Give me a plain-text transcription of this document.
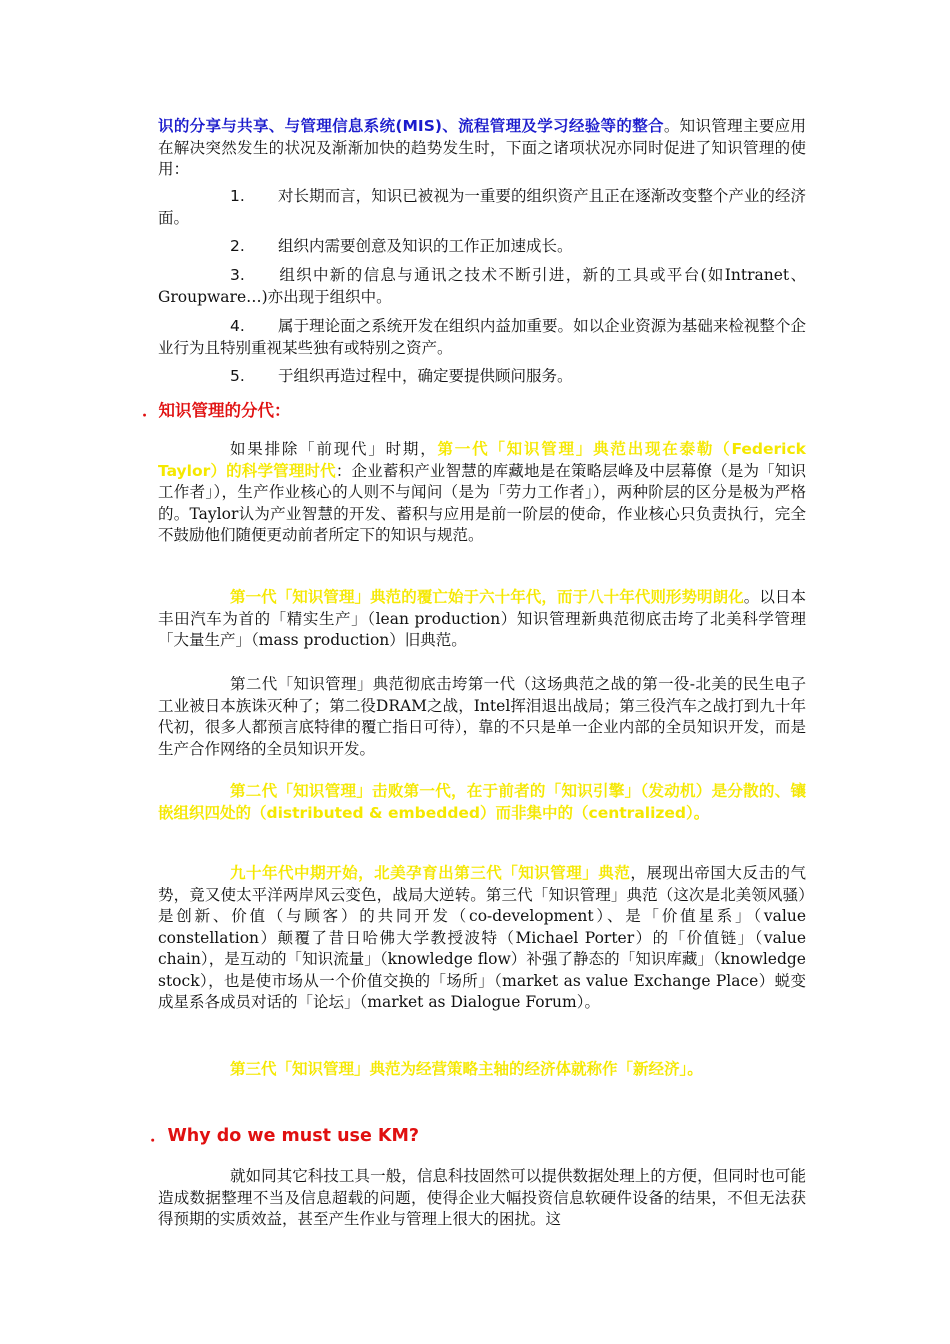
识的分享与共享、与管理信息系统(MIS)、流程管理及学习经验等的整合。知识管理主要应用在解决突然发生的状况及渐渐加快的趋势发生时，下面之诸项状况亦同时促进了知识管理的使用：

1. 对长期而言，知识已被视为一重要的组织资产且正在逐渐改变整个产业的经济面。

2. 组织内需要创意及知识的工作正加速成长。

3. 组织中新的信息与通讯之技术不断引进，新的工具或平台(如Intranet、Groupware…)亦出现于组织中。

4. 属于理论面之系统开发在组织内益加重要。如以企业资源为基础来检视整个企业行为且特别重视某些独有或特别之资产。

5. 于组织再造过程中，确定要提供顾问服务。

．知识管理的分代：

如果排除「前现代」时期，第一代「知识管理」典范出现在泰勒（Federick Taylor）的科学管理时代：企业蓄积产业智慧的库藏地是在策略层峰及中层幕僚（是为「知识工作者」），生产作业核心的人则不与闻问（是为「劳力工作者」），两种阶层的区分是极为严格的。Taylor认为产业智慧的开发、蓄积与应用是前一阶层的使命，作业核心只负责执行，完全不鼓励他们随便更动前者所定下的知识与规范。

第一代「知识管理」典范的覆亡始于六十年代，而于八十年代则形势明朗化。以日本丰田汽车为首的「精实生产」（lean production）知识管理新典范彻底击垮了北美科学管理「大量生产」（mass production）旧典范。

第二代「知识管理」典范彻底击垮第一代（这场典范之战的第一役-北美的民生电子工业被日本族诛灭种了；第二役DRAM之战，Intel挥泪退出战局；第三役汽车之战打到九十年代初，很多人都预言底特律的覆亡指日可待），靠的不只是单一企业内部的全员知识开发，而是生产合作网络的全员知识开发。

第二代「知识管理」击败第一代，在于前者的「知识引擎」（发动机）是分散的、镶嵌组织四处的（distributed & embedded）而非集中的（centralized）。

九十年代中期开始，北美孕育出第三代「知识管理」典范，展现出帝国大反击的气势，竟又使太平洋两岸风云变色，战局大逆转。第三代「知识管理」典范（这次是北美领风骚）是创新、价值（与顾客）的共同开发（co-development）、是「价值星系」（value constellation）颠覆了昔日哈佛大学教授波特（Michael Porter）的「价值链」（value chain），是互动的「知识流量」（knowledge flow）补强了静态的「知识库藏」（knowledge stock），也是使市场从一个价值交换的「场所」（market as value Exchange Place）蜕变成星系各成员对话的「论坛」（market as Dialogue Forum）。

第三代「知识管理」典范为经营策略主轴的经济体就称作「新经济」。

．Why do we must use KM?

就如同其它科技工具一般，信息科技固然可以提供数据处理上的方便，但同时也可能造成数据整理不当及信息超载的问题，使得企业大幅投资信息软硬件设备的结果，不但无法获得预期的实质效益，甚至产生作业与管理上很大的困扰。这
